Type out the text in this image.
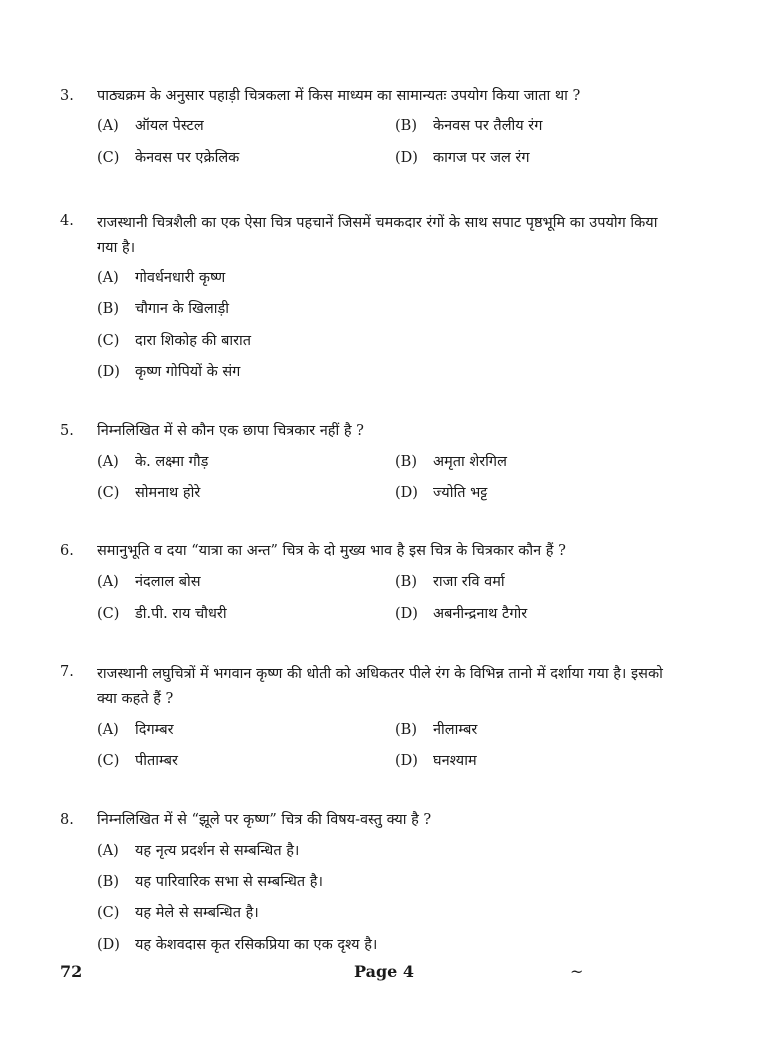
3. पाठ्यक्रम के अनुसार पहाड़ी चित्रकला में किस माध्यम का सामान्यतः उपयोग किया जाता था ?
(A) ऑयल पेस्टल	(B) केनवस पर तैलीय रंग
(C) केनवस पर एक्रेलिक	(D) कागज पर जल रंग
4. राजस्थानी चित्रशैली का एक ऐसा चित्र पहचानें जिसमें चमकदार रंगों के साथ सपाट पृष्ठभूमि का उपयोग किया गया है।
(A) गोवर्धनधारी कृष्ण
(B) चौगान के खिलाड़ी
(C) दारा शिकोह की बारात
(D) कृष्ण गोपियों के संग
5. निम्नलिखित में से कौन एक छापा चित्रकार नहीं है ?
(A) के. लक्ष्मा गौड़	(B) अमृता शेरगिल
(C) सोमनाथ होरे	(D) ज्योति भट्ट
6. समानुभूति व दया “यात्रा का अन्त” चित्र के दो मुख्य भाव है इस चित्र के चित्रकार कौन हैं ?
(A) नंदलाल बोस	(B) राजा रवि वर्मा
(C) डी.पी. राय चौधरी	(D) अबनीन्द्रनाथ टैगोर
7. राजस्थानी लघुचित्रों में भगवान कृष्ण की धोती को अधिकतर पीले रंग के विभिन्न तानो में दर्शाया गया है। इसको क्या कहते हैं ?
(A) दिगम्बर	(B) नीलाम्बर
(C) पीताम्बर	(D) घनश्याम
8. निम्नलिखित में से “झूले पर कृष्ण” चित्र की विषय-वस्तु क्या है ?
(A) यह नृत्य प्रदर्शन से सम्बन्धित है।
(B) यह पारिवारिक सभा से सम्बन्धित है।
(C) यह मेले से सम्बन्धित है।
(D) यह केशवदास कृत रसिकप्रिया का एक दृश्य है।
72	Page 4	~
